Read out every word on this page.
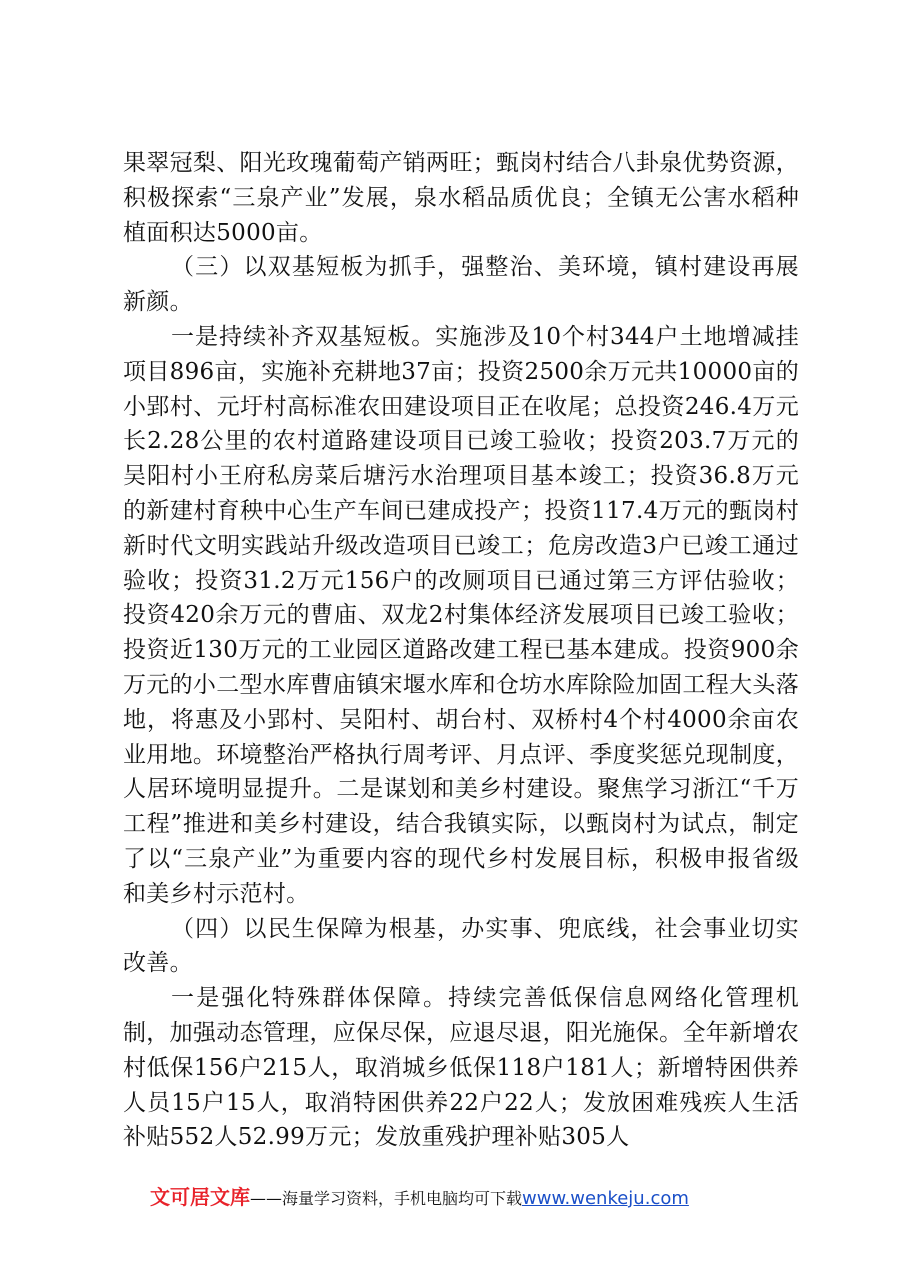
果翠冠梨、阳光玫瑰葡萄产销两旺；甄岗村结合八卦泉优势资源，积极探索“三泉产业”发展，泉水稻品质优良；全镇无公害水稻种植面积达5000亩。

（三）以双基短板为抓手，强整治、美环境，镇村建设再展新颜。

一是持续补齐双基短板。实施涉及10个村344户土地增减挂项目896亩，实施补充耕地37亩；投资2500余万元共10000亩的小郢村、元圩村高标准农田建设项目正在收尾；总投资246.4万元长2.28公里的农村道路建设项目已竣工验收；投资203.7万元的吴阳村小王府私房菜后塘污水治理项目基本竣工；投资36.8万元的新建村育秧中心生产车间已建成投产；投资117.4万元的甄岗村新时代文明实践站升级改造项目已竣工；危房改造3户已竣工通过验收；投资31.2万元156户的改厕项目已通过第三方评估验收；投资420余万元的曹庙、双龙2村集体经济发展项目已竣工验收；投资近130万元的工业园区道路改建工程已基本建成。投资900余万元的小二型水库曹庙镇宋堰水库和仓坊水库除险加固工程大头落地，将惠及小郢村、吴阳村、胡台村、双桥村4个村4000余亩农业用地。环境整治严格执行周考评、月点评、季度奖惩兑现制度，人居环境明显提升。二是谋划和美乡村建设。聚焦学习浙江“千万工程”推进和美乡村建设，结合我镇实际，以甄岗村为试点，制定了以“三泉产业”为重要内容的现代乡村发展目标，积极申报省级和美乡村示范村。

（四）以民生保障为根基，办实事、兜底线，社会事业切实改善。

一是强化特殊群体保障。持续完善低保信息网络化管理机制，加强动态管理，应保尽保，应退尽退，阳光施保。全年新增农村低保156户215人，取消城乡低保118户181人；新增特困供养人员15户15人，取消特困供养22户22人；发放困难残疾人生活补贴552人52.99万元；发放重残护理补贴305人

文可居文库——海量学习资料，手机电脑均可下载www.wenkeju.com
